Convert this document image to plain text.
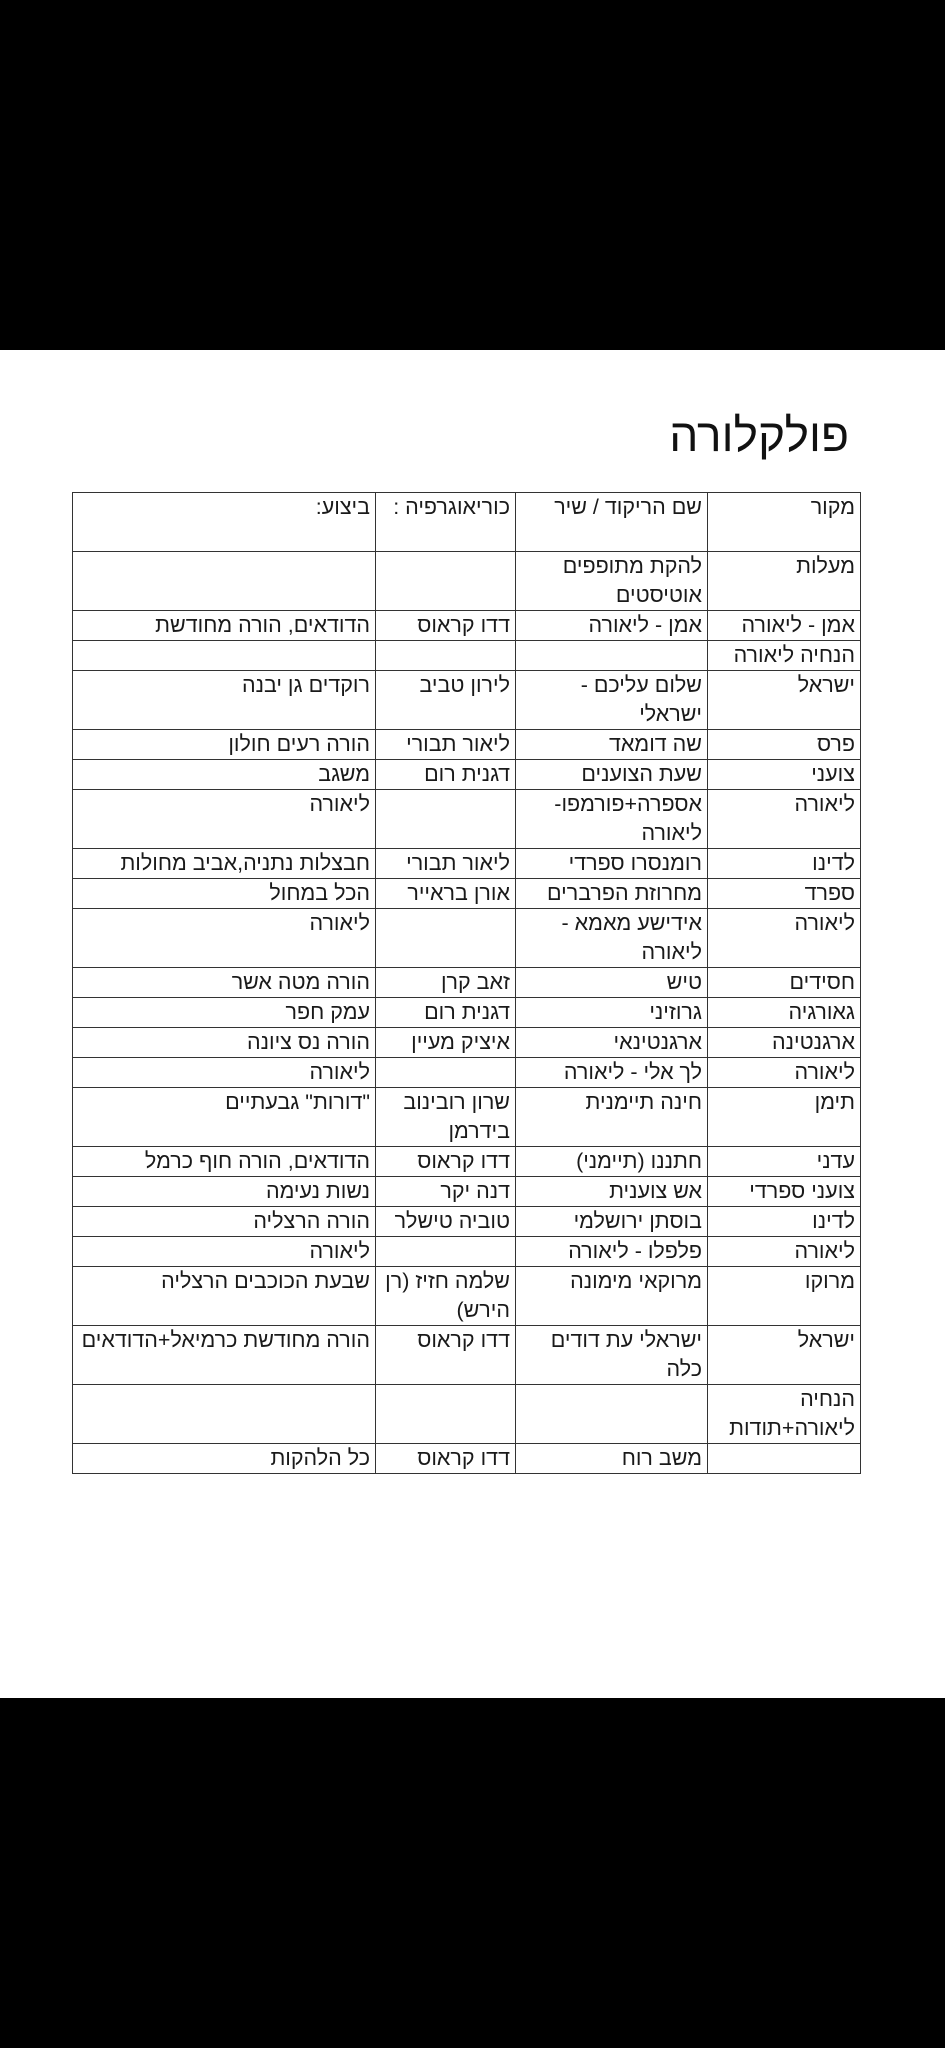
פולקלורה
מקור	שם הריקוד / שיר	כוריאוגרפיה :	ביצוע:
מעלות	להקת מתופפים אוטיסטים		
אמן - ליאורה	אמן - ליאורה	דדו קראוס	הדודאים, הורה מחודשת
הנחיה ליאורה			
ישראל	שלום עליכם - ישראלי	לירון טביב	רוקדים גן יבנה
פרס	שה דומאד	ליאור תבורי	הורה רעים חולון
צועני	שעת הצוענים	דגנית רום	משגב
ליאורה	אספרה+פורמפו- ליאורה		ליאורה
לדינו	רומנסרו ספרדי	ליאור תבורי	חבצלות נתניה,אביב מחולות
ספרד	מחרוזת הפרברים	אורן בראייר	הכל במחול
ליאורה	אידישע מאמא - ליאורה		ליאורה
חסידים	טיש	זאב קרן	הורה מטה אשר
גאורגיה	גרוזיני	דגנית רום	עמק חפר
ארגנטינה	ארגנטינאי	איציק מעיין	הורה נס ציונה
ליאורה	לך אלי - ליאורה		ליאורה
תימן	חינה תיימנית	שרון רובינוב בידרמן	"דורות" גבעתיים
עדני	חתננו (תיימני)	דדו קראוס	הדודאים, הורה חוף כרמל
צועני ספרדי	אש צוענית	דנה יקר	נשות נעימה
לדינו	בוסתן ירושלמי	טוביה טישלר	הורה הרצליה
ליאורה	פלפלו - ליאורה		ליאורה
מרוקו	מרוקאי מימונה	שלמה חזיז (רן הירש)	שבעת הכוכבים הרצליה
ישראל	ישראלי עת דודים כלה	דדו קראוס	הורה מחודשת כרמיאל+הדודאים
הנחיה ליאורה+תודות			
	משב רוח	דדו קראוס	כל הלהקות
